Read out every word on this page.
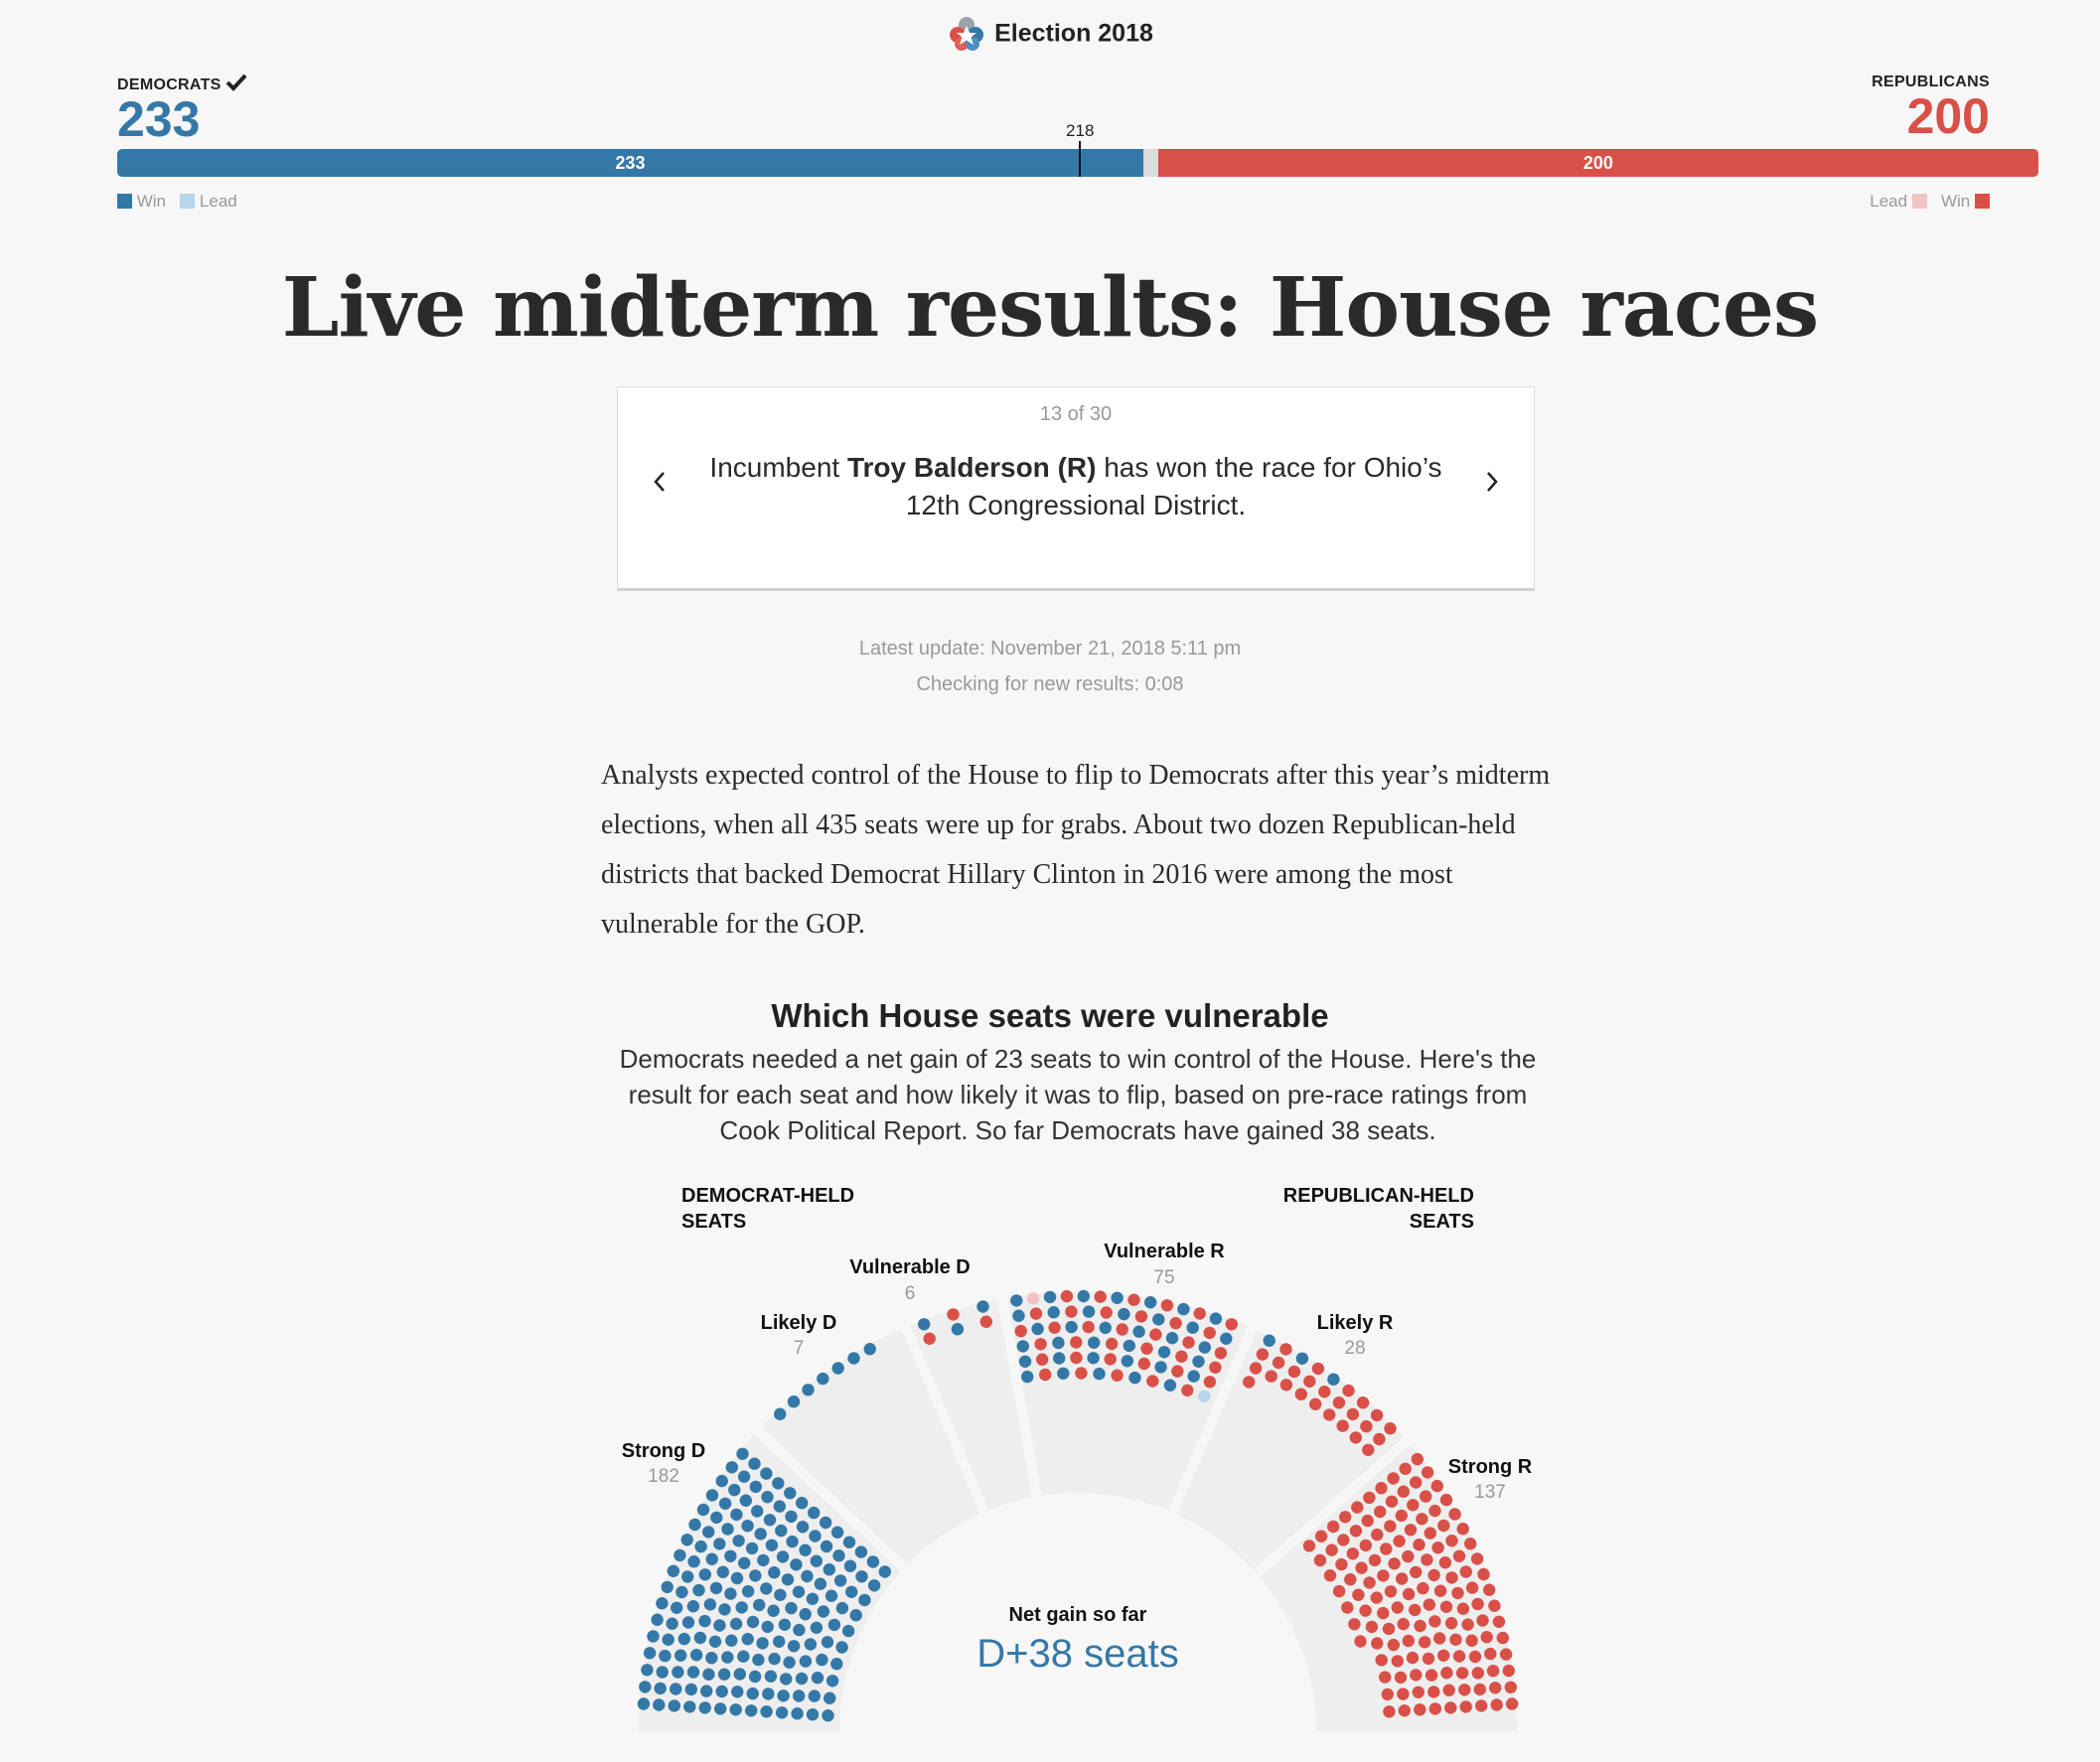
Election 2018
DEMOCRATS
233
REPUBLICANS
200
218
233	200
Win Lead	Lead Win
Live midterm results: House races
13 of 30
Incumbent Troy Balderson (R) has won the race for Ohio’s 12th Congressional District.
Latest update: November 21, 2018 5:11 pm
Checking for new results: 0:08
Analysts expected control of the House to flip to Democrats after this year’s midterm elections, when all 435 seats were up for grabs. About two dozen Republican-held districts that backed Democrat Hillary Clinton in 2016 were among the most vulnerable for the GOP.
Which House seats were vulnerable
Democrats needed a net gain of 23 seats to win control of the House. Here's the result for each seat and how likely it was to flip, based on pre-race ratings from Cook Political Report. So far Democrats have gained 38 seats.
DEMOCRAT-HELD
SEATS
REPUBLICAN-HELD
SEATS
Strong D
182
Likely D
7
Vulnerable D
6
Vulnerable R
75
Likely R
28
Strong R
137
Net gain so far
D+38 seats
